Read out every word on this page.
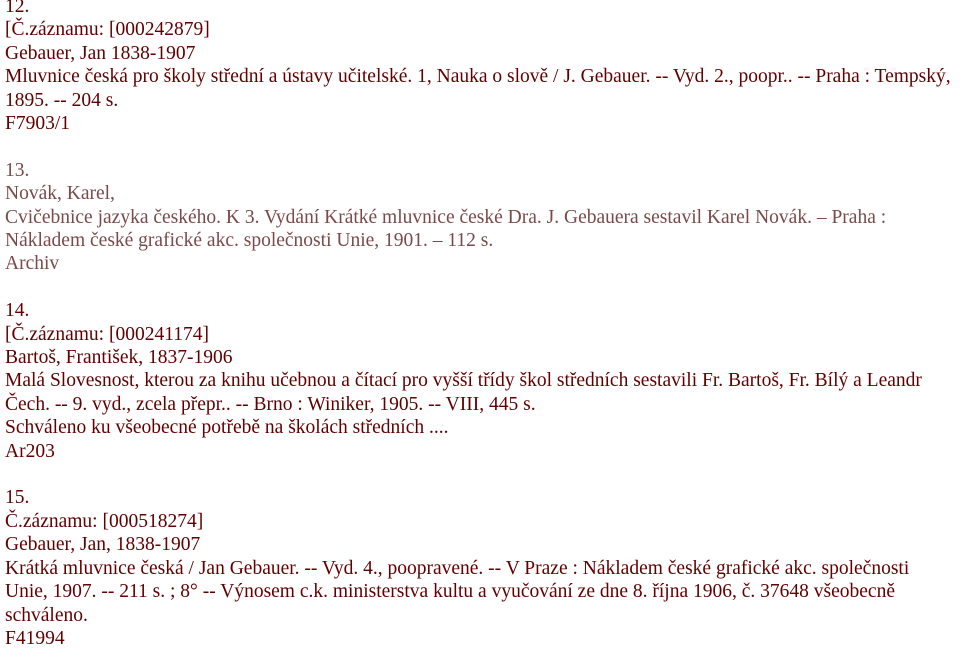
12.
[Č.záznamu: [000242879]
Gebauer, Jan 1838-1907
Mluvnice česká pro školy střední a ústavy učitelské. 1, Nauka o slově / J. Gebauer. -- Vyd. 2., poopr.. -- Praha : Tempský, 1895. -- 204 s.
F7903/1
13.
Novák, Karel,
Cvičebnice jazyka českého. K 3. Vydání Krátké mluvnice české Dra. J. Gebauera sestavil Karel Novák. – Praha : Nákladem české grafické akc. společnosti Unie, 1901. – 112 s.
Archiv
14.
[Č.záznamu: [000241174]
Bartoš, František, 1837-1906
Malá Slovesnost, kterou za knihu učebnou a čítací pro vyšší třídy škol středních sestavili Fr. Bartoš, Fr. Bílý a Leandr Čech. -- 9. vyd., zcela přepr.. -- Brno : Winiker, 1905. -- VIII, 445 s.
Schváleno ku všeobecné potřebě na školách středních ....
Ar203
15.
Č.záznamu: [000518274]
Gebauer, Jan, 1838-1907
Krátká mluvnice česká / Jan Gebauer. -- Vyd. 4., poopravené. -- V Praze : Nákladem české grafické akc. společnosti Unie, 1907. -- 211 s. ; 8° -- Výnosem c.k. ministerstva kultu a vyučování ze dne 8. října 1906, č. 37648 všeobecně schváleno.
F41994
